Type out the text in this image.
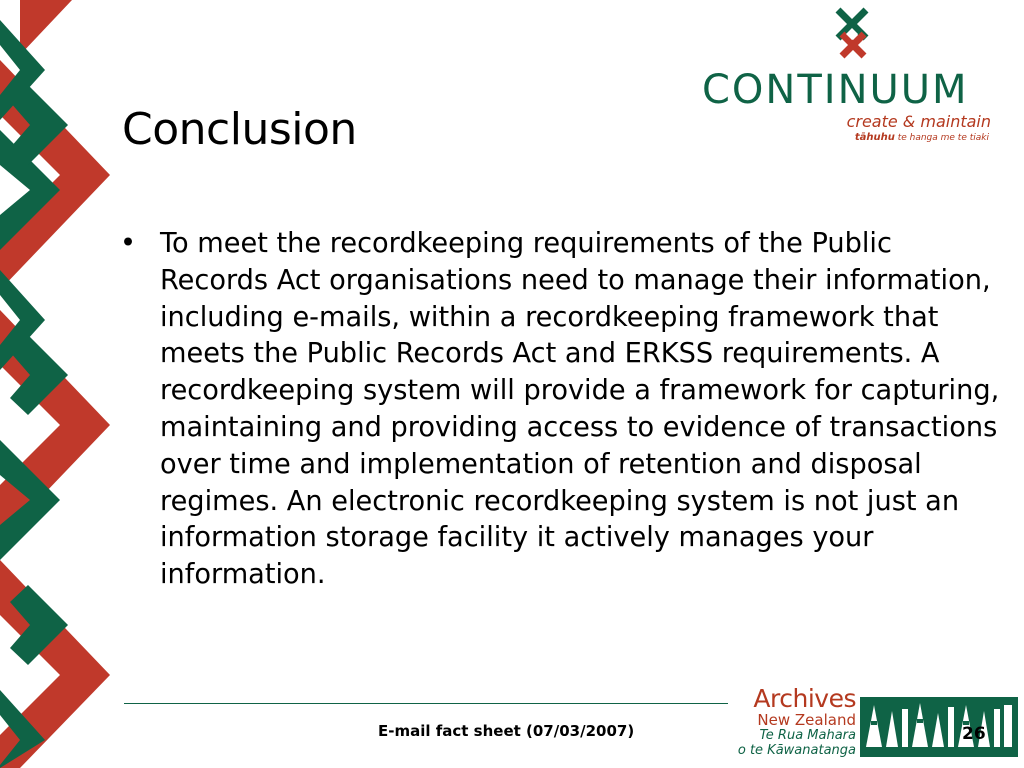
Conclusion
• To meet the recordkeeping requirements of the Public Records Act organisations need to manage their information, including e-mails, within a recordkeeping framework that meets the Public Records Act and ERKSS requirements. A recordkeeping system will provide a framework for capturing, maintaining and providing access to evidence of transactions over time and implementation of retention and disposal regimes. An electronic recordkeeping system is not just an information storage facility it actively manages your information.
CONTINUUM
create & maintain
tāhuhu te hanga me te tiaki
E-mail fact sheet (07/03/2007)
Archives
New Zealand
Te Rua Mahara
o te Kāwanatanga
26
